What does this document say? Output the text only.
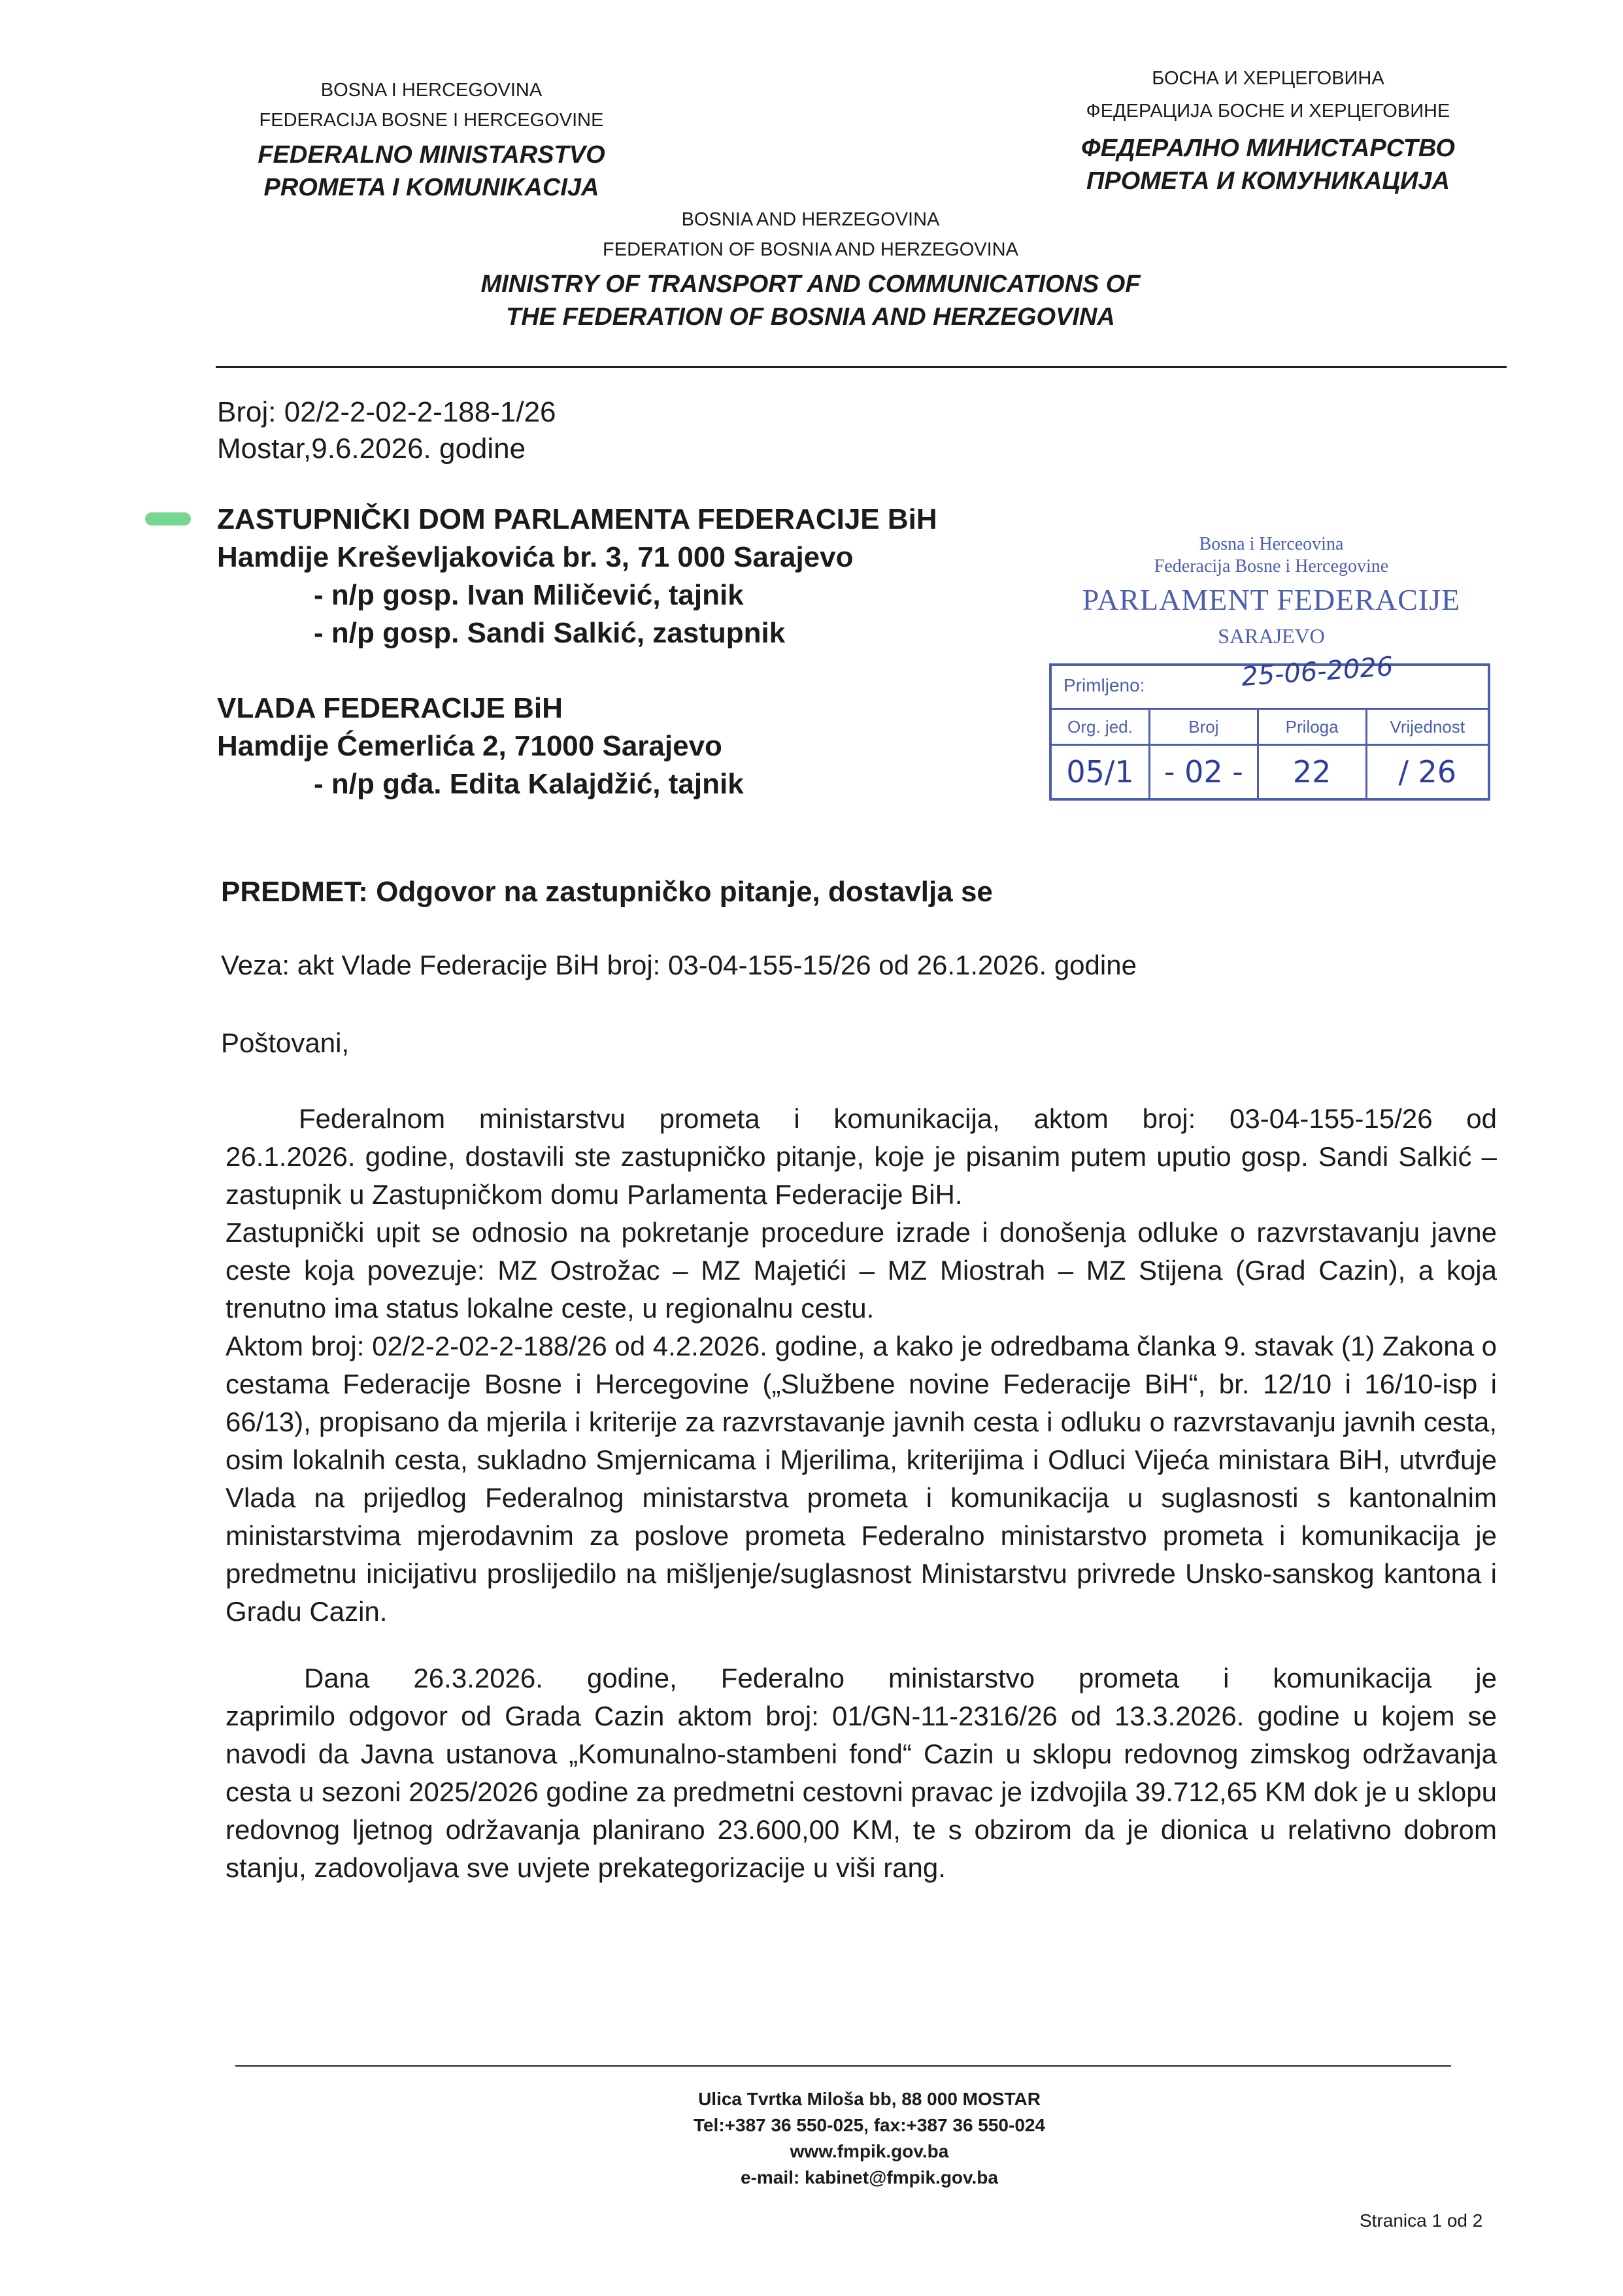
BOSNA I HERCEGOVINA
FEDERACIJA BOSNE I HERCEGOVINE
FEDERALNO MINISTARSTVO
PROMETA I KOMUNIKACIJA
БОСНА И ХЕРЦЕГОВИНА
ФЕДЕРАЦИЈА БОСНЕ И ХЕРЦЕГОВИНЕ
ФЕДЕРАЛНО МИНИСТАРСТВО
ПРОМЕТА И КОМУНИКАЦИЈА
BOSNIA AND HERZEGOVINA
FEDERATION OF BOSNIA AND HERZEGOVINA
MINISTRY OF TRANSPORT AND COMMUNICATIONS OF
THE FEDERATION OF BOSNIA AND HERZEGOVINA
Broj: 02/2-2-02-2-188-1/26
Mostar,9.6.2026. godine
ZASTUPNIČKI DOM PARLAMENTA FEDERACIJE BiH
Hamdije Kreševljakovića br. 3, 71 000 Sarajevo
- n/p gosp. Ivan Miličević, tajnik
- n/p gosp. Sandi Salkić, zastupnik
VLADA FEDERACIJE BiH
Hamdije Ćemerlića 2, 71000 Sarajevo
- n/p gđa. Edita Kalajdžić, tajnik
Bosna i Herceovina
Federacija Bosne i Hercegovine
PARLAMENT FEDERACIJE
SARAJEVO
Primljeno:	25-06-2026
Org. jed.	Broj	Priloga	Vrijednost
05/1	- 02 -	22	/ 26
PREDMET: Odgovor na zastupničko pitanje, dostavlja se
Veza: akt Vlade Federacije BiH broj: 03-04-155-15/26 od 26.1.2026. godine
Poštovani,

Federalnom ministarstvu prometa i komunikacija, aktom broj: 03-04-155-15/26 od

26.1.2026. godine, dostavili ste zastupničko pitanje, koje je pisanim putem uputio gosp. Sandi Salkić – zastupnik u Zastupničkom domu Parlamenta Federacije BiH.

Zastupnički upit se odnosio na pokretanje procedure izrade i donošenja odluke o razvrstavanju javne ceste koja povezuje: MZ Ostrožac – MZ Majetići – MZ Miostrah – MZ Stijena (Grad Cazin), a koja trenutno ima status lokalne ceste, u regionalnu cestu.

Aktom broj: 02/2-2-02-2-188/26 od 4.2.2026. godine, a kako je odredbama članka 9. stavak (1) Zakona o cestama Federacije Bosne i Hercegovine („Službene novine Federacije BiH“, br. 12/10 i 16/10-isp i 66/13), propisano da mjerila i kriterije za razvrstavanje javnih cesta i odluku o razvrstavanju javnih cesta, osim lokalnih cesta, sukladno Smjernicama i Mjerilima, kriterijima i Odluci Vijeća ministara BiH, utvrđuje Vlada na prijedlog Federalnog ministarstva prometa i komunikacija u suglasnosti s kantonalnim ministarstvima mjerodavnim za poslove prometa Federalno ministarstvo prometa i komunikacija je predmetnu inicijativu proslijedilo na mišljenje/suglasnost Ministarstvu privrede Unsko-sanskog kantona i Gradu Cazin.

Dana 26.3.2026. godine, Federalno ministarstvo prometa i komunikacija je

zaprimilo odgovor od Grada Cazin aktom broj: 01/GN-11-2316/26 od 13.3.2026. godine u kojem se navodi da Javna ustanova „Komunalno-stambeni fond“ Cazin u sklopu redovnog zimskog održavanja cesta u sezoni 2025/2026 godine za predmetni cestovni pravac je izdvojila 39.712,65 KM dok je u sklopu redovnog ljetnog održavanja planirano 23.600,00 KM, te s obzirom da je dionica u relativno dobrom stanju, zadovoljava sve uvjete prekategorizacije u viši rang.

Ulica Tvrtka Miloša bb, 88 000 MOSTAR
Tel:+387 36 550-025, fax:+387 36 550-024
www.fmpik.gov.ba
e-mail: kabinet@fmpik.gov.ba
Stranica 1 od 2
